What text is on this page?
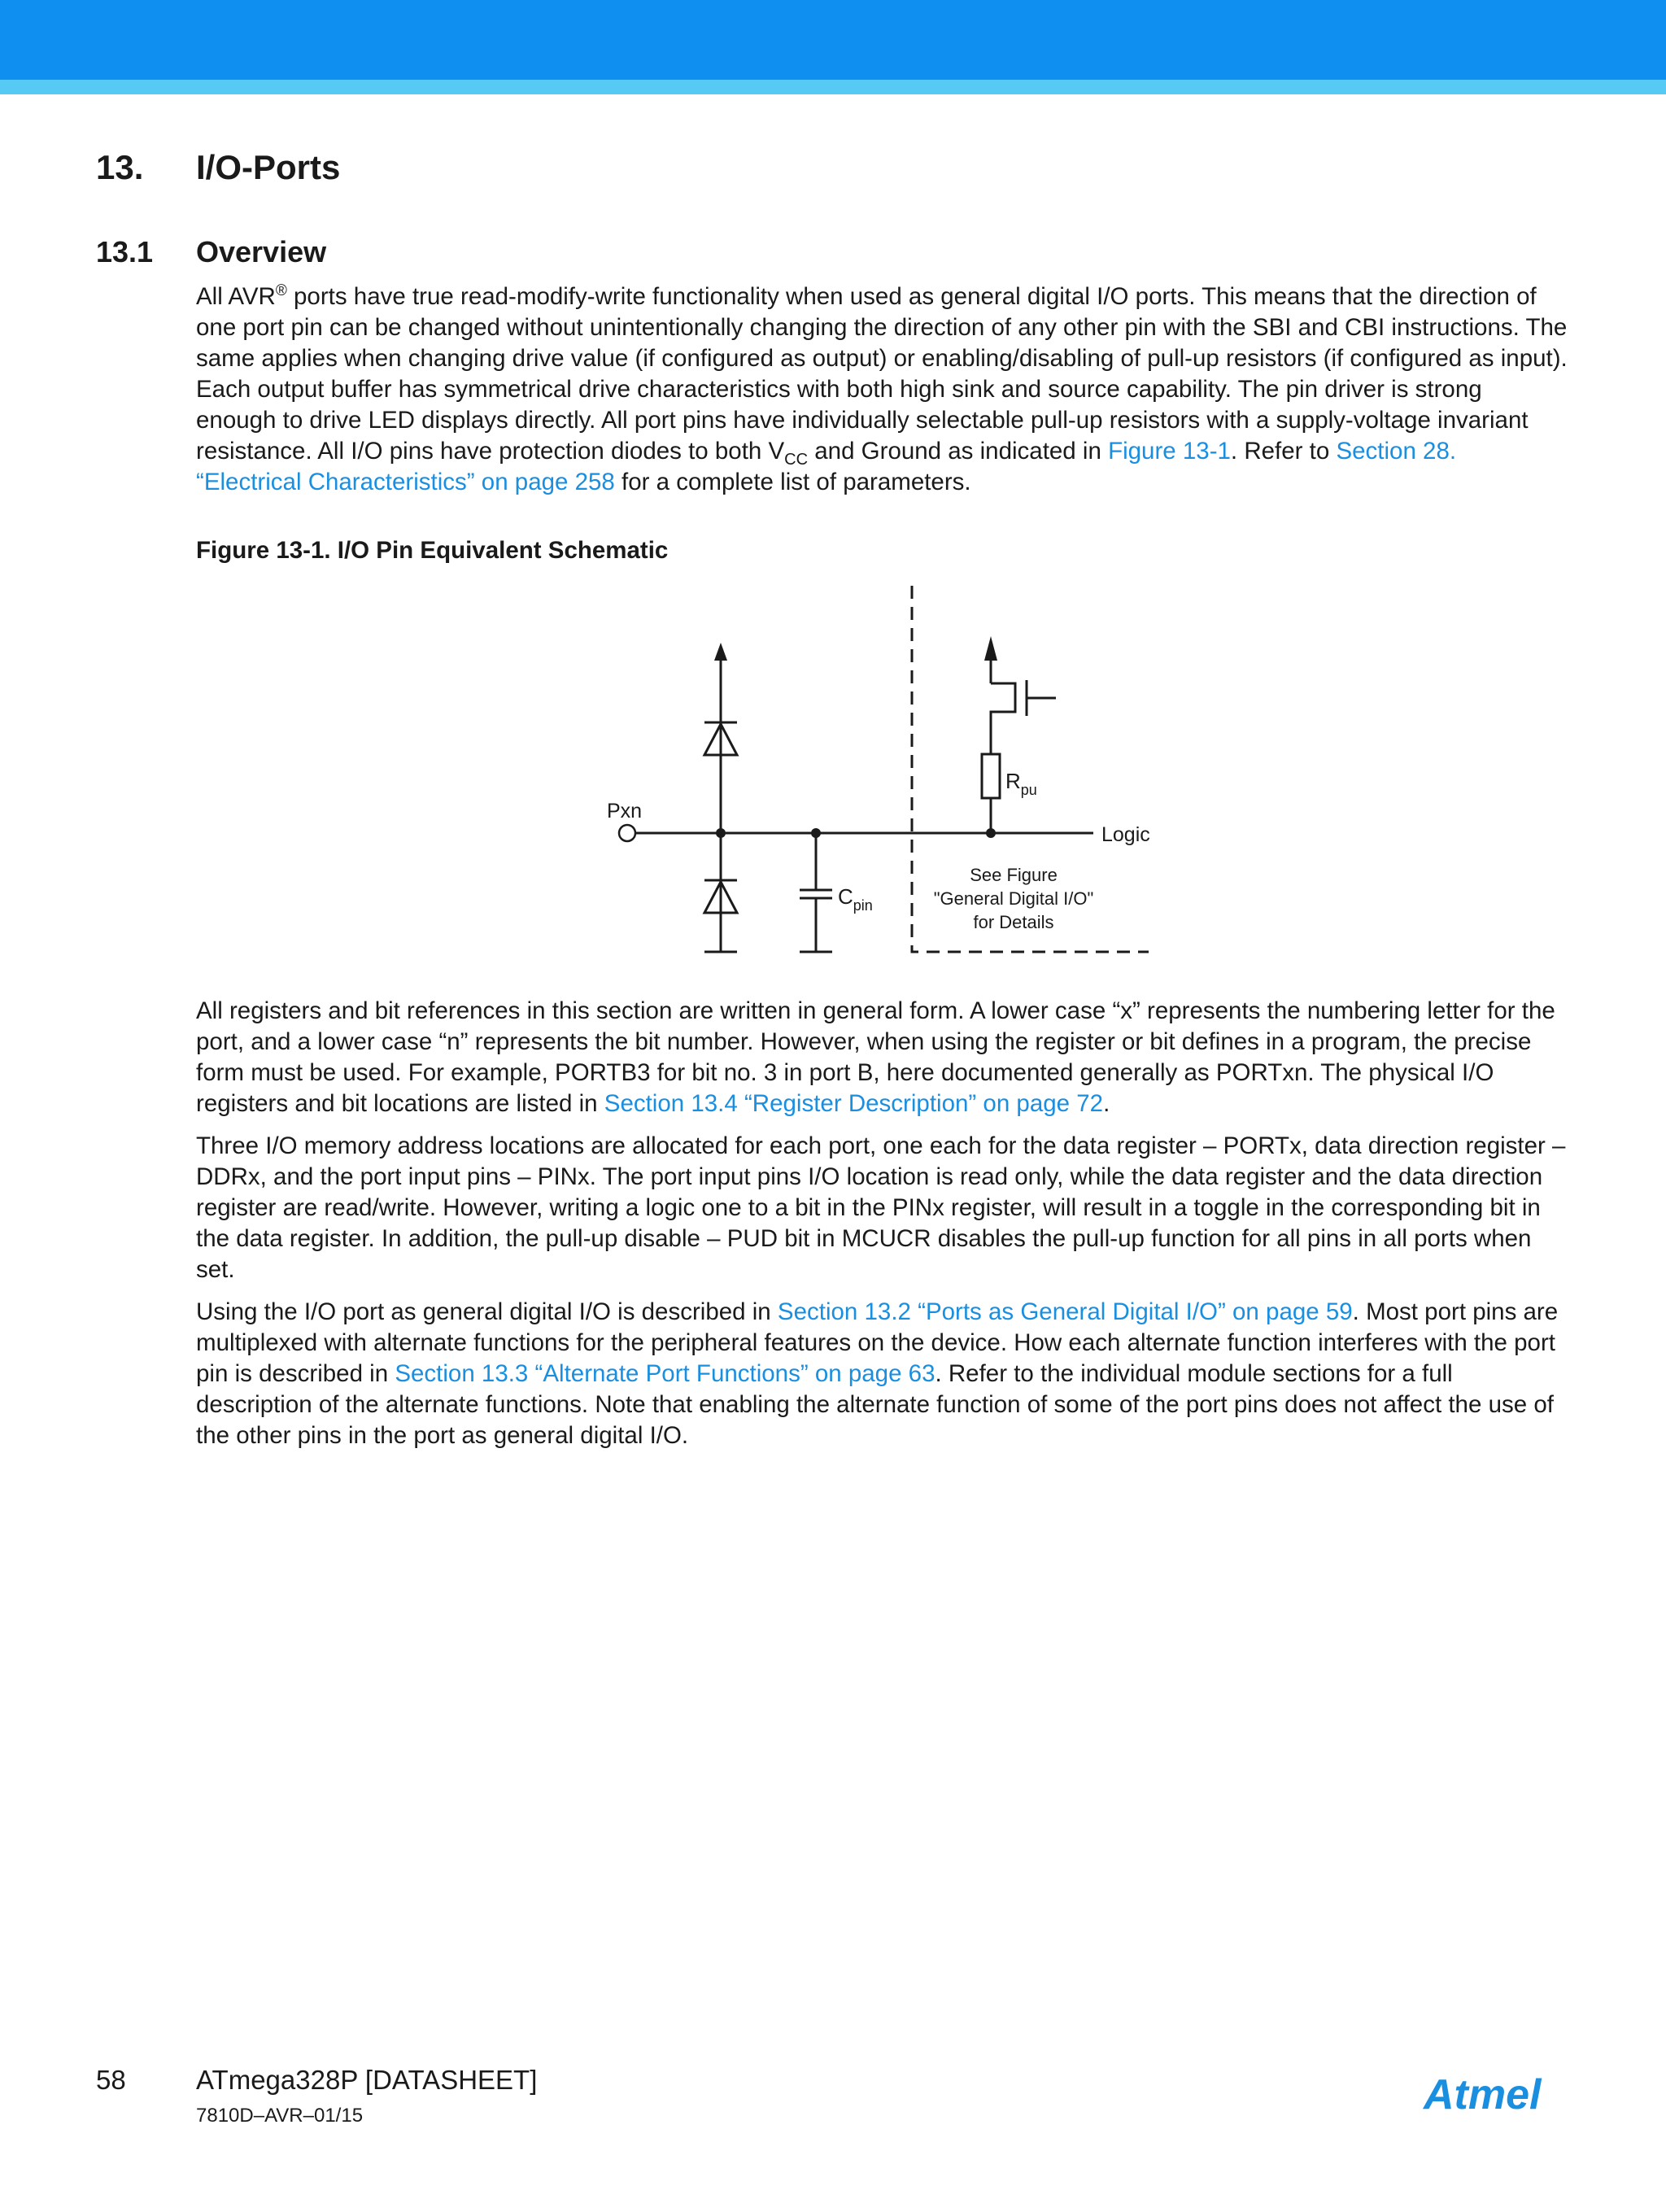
13. I/O-Ports
13.1 Overview

All AVR® ports have true read-modify-write functionality when used as general digital I/O ports. This means that the direction of one port pin can be changed without unintentionally changing the direction of any other pin with the SBI and CBI instructions. The same applies when changing drive value (if configured as output) or enabling/disabling of pull-up resistors (if configured as input). Each output buffer has symmetrical drive characteristics with both high sink and source capability. The pin driver is strong enough to drive LED displays directly. All port pins have individually selectable pull-up resistors with a supply-voltage invariant resistance. All I/O pins have protection diodes to both $V_{CC}$ and Ground as indicated in Figure 13-1. Refer to Section 28. “Electrical Characteristics” on page 258 for a complete list of parameters.

Figure 13-1. I/O Pin Equivalent Schematic
Pxn
$R_{pu}$
$C_{pin}$
Logic
See Figure
"General Digital I/O"
for Details

All registers and bit references in this section are written in general form. A lower case “x” represents the numbering letter for the port, and a lower case “n” represents the bit number. However, when using the register or bit defines in a program, the precise form must be used. For example, PORTB3 for bit no. 3 in port B, here documented generally as PORTxn. The physical I/O registers and bit locations are listed in Section 13.4 “Register Description” on page 72.

Three I/O memory address locations are allocated for each port, one each for the data register – PORTx, data direction register – DDRx, and the port input pins – PINx. The port input pins I/O location is read only, while the data register and the data direction register are read/write. However, writing a logic one to a bit in the PINx register, will result in a toggle in the corresponding bit in the data register. In addition, the pull-up disable – PUD bit in MCUCR disables the pull-up function for all pins in all ports when set.

Using the I/O port as general digital I/O is described in Section 13.2 “Ports as General Digital I/O” on page 59. Most port pins are multiplexed with alternate functions for the peripheral features on the device. How each alternate function interferes with the port pin is described in Section 13.3 “Alternate Port Functions” on page 63. Refer to the individual module sections for a full description of the alternate functions. Note that enabling the alternate function of some of the port pins does not affect the use of the other pins in the port as general digital I/O.

58	ATmega328P [DATASHEET]
7810D–AVR–01/15	Atmel
